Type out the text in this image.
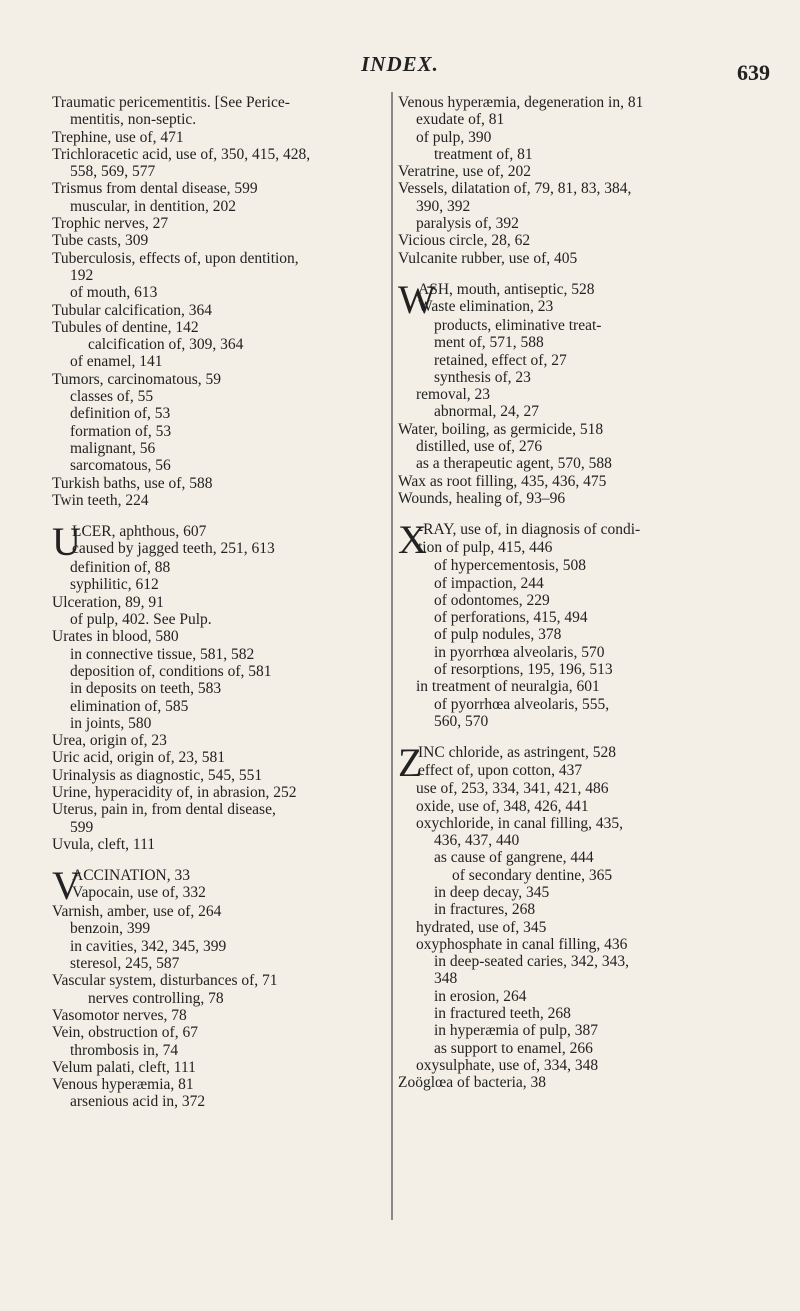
INDEX.	639
Traumatic pericementitis. [See Perice-
mentitis, non-septic.
Trephine, use of, 471
Trichloracetic acid, use of, 350, 415, 428,
558, 569, 577
Trismus from dental disease, 599
muscular, in dentition, 202
Trophic nerves, 27
Tube casts, 309
Tuberculosis, effects of, upon dentition,
192
of mouth, 613
Tubular calcification, 364
Tubules of dentine, 142
calcification of, 309, 364
of enamel, 141
Tumors, carcinomatous, 59
classes of, 55
definition of, 53
formation of, 53
malignant, 56
sarcomatous, 56
Turkish baths, use of, 588
Twin teeth, 224
U
LCER, aphthous, 607
caused by jagged teeth, 251, 613
definition of, 88
syphilitic, 612
Ulceration, 89, 91
of pulp, 402. See Pulp.
Urates in blood, 580
in connective tissue, 581, 582
deposition of, conditions of, 581
in deposits on teeth, 583
elimination of, 585
in joints, 580
Urea, origin of, 23
Uric acid, origin of, 23, 581
Urinalysis as diagnostic, 545, 551
Urine, hyperacidity of, in abrasion, 252
Uterus, pain in, from dental disease,
599
Uvula, cleft, 111
V
ACCINATION, 33
Vapocain, use of, 332
Varnish, amber, use of, 264
benzoin, 399
in cavities, 342, 345, 399
steresol, 245, 587
Vascular system, disturbances of, 71
nerves controlling, 78
Vasomotor nerves, 78
Vein, obstruction of, 67
thrombosis in, 74
Velum palati, cleft, 111
Venous hyperæmia, 81
arsenious acid in, 372
Venous hyperæmia, degeneration in, 81
exudate of, 81
of pulp, 390
treatment of, 81
Veratrine, use of, 202
Vessels, dilatation of, 79, 81, 83, 384,
390, 392
paralysis of, 392
Vicious circle, 28, 62
Vulcanite rubber, use of, 405
W
ASH, mouth, antiseptic, 528
Waste elimination, 23
products, eliminative treat-
ment of, 571, 588
retained, effect of, 27
synthesis of, 23
removal, 23
abnormal, 24, 27
Water, boiling, as germicide, 518
distilled, use of, 276
as a therapeutic agent, 570, 588
Wax as root filling, 435, 436, 475
Wounds, healing of, 93–96
X
-RAY, use of, in diagnosis of condi-
tion of pulp, 415, 446
of hypercementosis, 508
of impaction, 244
of odontomes, 229
of perforations, 415, 494
of pulp nodules, 378
in pyorrhœa alveolaris, 570
of resorptions, 195, 196, 513
in treatment of neuralgia, 601
of pyorrhœa alveolaris, 555,
560, 570
Z
INC chloride, as astringent, 528
effect of, upon cotton, 437
use of, 253, 334, 341, 421, 486
oxide, use of, 348, 426, 441
oxychloride, in canal filling, 435,
436, 437, 440
as cause of gangrene, 444
of secondary dentine, 365
in deep decay, 345
in fractures, 268
hydrated, use of, 345
oxyphosphate in canal filling, 436
in deep-seated caries, 342, 343,
348
in erosion, 264
in fractured teeth, 268
in hyperæmia of pulp, 387
as support to enamel, 266
oxysulphate, use of, 334, 348
Zoöglœa of bacteria, 38
